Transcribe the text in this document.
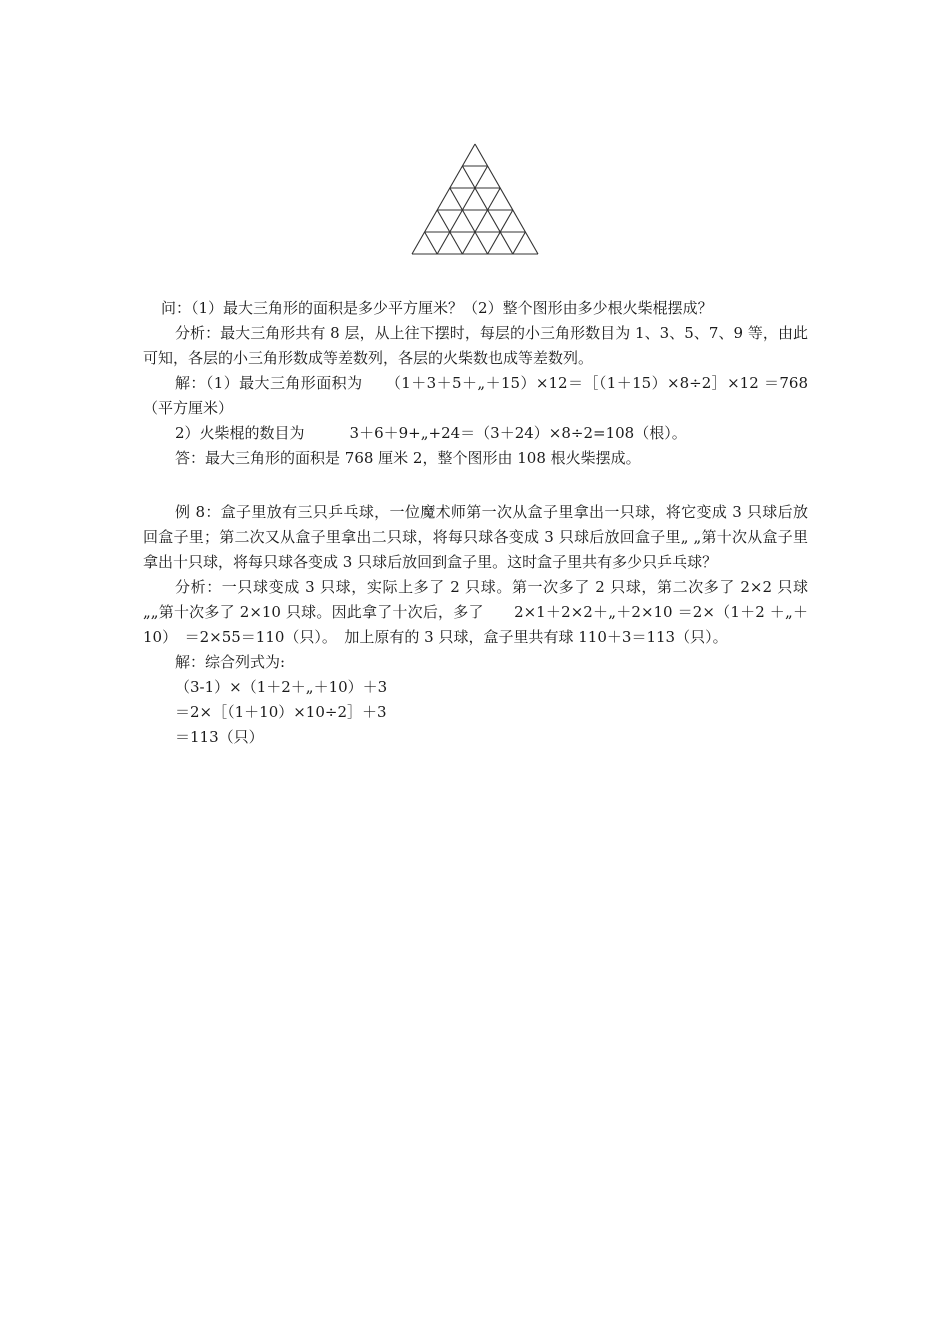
问：（1）最大三角形的面积是多少平方厘米？（2）整个图形由多少根火柴棍摆成？

分析：最大三角形共有 8 层，从上往下摆时，每层的小三角形数目为 1、3、5、7、9 等，由此可知，各层的小三角形数成等差数列，各层的火柴数也成等差数列。

解：（1）最大三角形面积为　　（1＋3＋5＋„＋15）×12＝［（1＋15）×8÷2］×12 ＝768（平方厘米）

2）火柴棍的数目为　　　3＋6＋9+„+24＝（3＋24）×8÷2=108（根）。

答：最大三角形的面积是 768 厘米 2，整个图形由 108 根火柴摆成。

例 8：盒子里放有三只乒乓球，一位魔术师第一次从盒子里拿出一只球，将它变成 3 只球后放回盒子里；第二次又从盒子里拿出二只球，将每只球各变成 3 只球后放回盒子里„ „第十次从盒子里拿出十只球，将每只球各变成 3 只球后放回到盒子里。这时盒子里共有多少只乒乓球？

分析：一只球变成 3 只球，实际上多了 2 只球。第一次多了 2 只球，第二次多了 2×2 只球„„第十次多了 2×10 只球。因此拿了十次后，多了　　2×1＋2×2＋„＋2×10 ＝2×（1＋2 ＋„＋10）　＝2×55＝110（只）。　加上原有的 3 只球，盒子里共有球 110＋3＝113（只）。

解：综合列式为:

（3-1）×（1＋2＋„＋10）＋3

＝2×［（1＋10）×10÷2］＋3

＝113（只）
